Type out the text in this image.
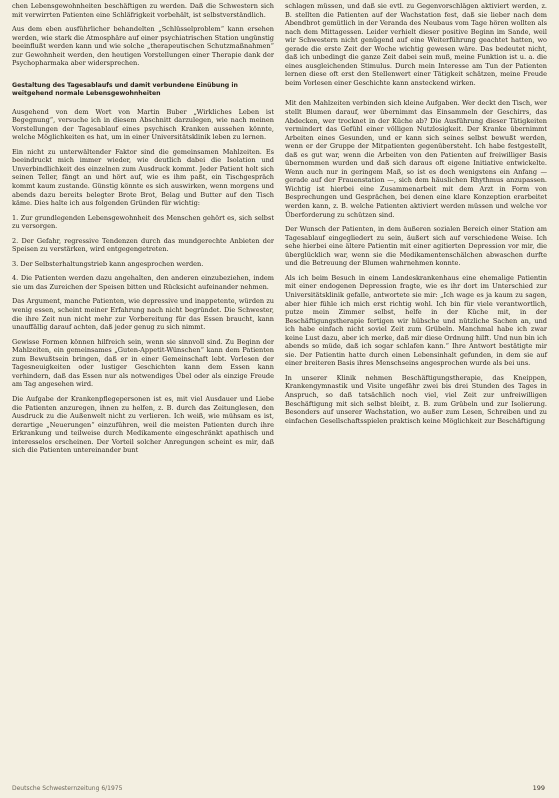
chen Lebensgewohnheiten beschäftigen zu werden. Daß die Schwestern sich mit verwirrten Patienten eine Schläfrigkeit vorbehält, ist selbstverständlich.

Aus dem eben ausführlicher behandelten „Schlüsselproblem“ kann ersehen werden, wie stark die Atmosphäre auf einer psychiatrischen Station ungünstig beeinflußt werden kann und wie solche „therapeutischen Schutzmaßnahmen“ zur Gewohnheit werden, den heutigen Vorstellungen einer Therapie dank der Psychopharmaka aber widersprechen.

Gestaltung des Tagesablaufs und damit verbundene Einübung in weitgehend normale Lebensgewohnheiten

Ausgehend von dem Wort von Martin Buber „Wirkliches Leben ist Begegnung“, versuche ich in diesem Abschnitt darzulegen, wie nach meinen Vorstellungen der Tagesablauf eines psychisch Kranken aussehen könnte, welche Möglichkeiten es hat, um in einer Universitätsklinik leben zu lernen.

Ein nicht zu unterwältender Faktor sind die gemeinsamen Mahlzeiten. Es beeindruckt mich immer wieder, wie deutlich dabei die Isolation und Unverbindlichkeit des einzelnen zum Ausdruck kommt. Jeder Patient holt sich seinen Teller, fängt an und hört auf, wie es ihm paßt, ein Tischgespräch kommt kaum zustande. Günstig könnte es sich auswirken, wenn morgens und abends dazu bereits belegter Brote Brot, Belag und Butter auf den Tisch käme. Dies halte ich aus folgenden Gründen für wichtig:

1. Zur grundlegenden Lebensgewohnheit des Menschen gehört es, sich selbst zu versorgen.

2. Der Gefahr, regressive Tendenzen durch das mundgerechte Anbieten der Speisen zu verstärken, wird entgegengetreten.

3. Der Selbsterhaltungstrieb kann angesprochen werden.

4. Die Patienten werden dazu angehalten, den anderen einzubeziehen, indem sie um das Zureichen der Speisen bitten und Rücksicht aufeinander nehmen.

Das Argument, manche Patienten, wie depressive und inappetente, würden zu wenig essen, scheint meiner Erfahrung nach nicht begründet. Die Schwester, die ihre Zeit nun nicht mehr zur Vorbereitung für das Essen braucht, kann unauffällig darauf achten, daß jeder genug zu sich nimmt.

Gewisse Formen können hilfreich sein, wenn sie sinnvoll sind. Zu Beginn der Mahlzeiten, ein gemeinsames „Guten-Appetit-Wünschen“ kann dem Patienten zum Bewußtsein bringen, daß er in einer Gemeinschaft lebt. Vorlesen der Tagesneuigkeiten oder lustiger Geschichten kann dem Essen kann verhindern, daß das Essen nur als notwendiges Übel oder als einzige Freude am Tag angesehen wird.

Die Aufgabe der Krankenpflegepersonen ist es, mit viel Ausdauer und Liebe die Patienten anzuregen, ihnen zu helfen, z. B. durch das Zeitunglesen, den Ausdruck zu die Außenwelt nicht zu verlieren. Ich weiß, wie mühsam es ist, derartige „Neuerungen“ einzuführen, weil die meisten Patienten durch ihre Erkrankung und teilweise durch Medikamente eingeschränkt apathisch und interesselos erscheinen. Der Vorteil solcher Anregungen scheint es mir, daß sich die Patienten untereinander bunt

schlagen müssen, und daß sie evtl. zu Gegenvorschlägen aktiviert werden, z. B. stellten die Patienten auf der Wachstation fest, daß sie lieber nach dem Abendbrot gemütlich in der Veranda des Neubaus vom Tage hören wollten als nach dem Mittagessen. Leider verhielt dieser positive Beginn im Sande, weil wir Schwestern nicht genügend auf eine Weiterführung geachtet hatten, wo gerade die erste Zeit der Woche wichtig gewesen wäre. Das bedeutet nicht, daß ich unbedingt die ganze Zeit dabei sein muß, meine Funktion ist u. a. die eines ausgleichenden Stimulus. Durch mein Interesse am Tun der Patienten lernen diese oft erst den Stellenwert einer Tätigkeit schätzen, meine Freude beim Vorlesen einer Geschichte kann ansteckend wirken.

Mit den Mahlzeiten verbinden sich kleine Aufgaben. Wer deckt den Tisch, wer stellt Blumen darauf, wer übernimmt das Einsammeln der Geschirrs, das Abdecken, wer trocknet in der Küche ab? Die Ausführung dieser Tätigkeiten vermindert das Gefühl einer völligen Nutzlosigkeit. Der Kranke übernimmt Arbeiten eines Gesunden, und er kann sich seines selbst bewußt werden, wenn er der Gruppe der Mitpatienten gegenübersteht. Ich habe festgestellt, daß es gut war, wenn die Arbeiten von den Patienten auf freiwilliger Basis übernommen wurden und daß sich daraus oft eigene Initiative entwickelte. Wenn auch nur in geringem Maß, so ist es doch wenigstens ein Anfang — gerade auf der Frauenstation —, sich dem häuslichen Rhythmus anzupassen. Wichtig ist hierbei eine Zusammenarbeit mit dem Arzt in Form von Besprechungen und Gesprächen, bei denen eine klare Konzeption erarbeitet werden kann, z. B. welche Patienten aktiviert werden müssen und welche vor Überforderung zu schützen sind.

Der Wunsch der Patienten, in dem äußeren sozialen Bereich einer Station am Tagesablauf eingegliedert zu sein, äußert sich auf verschiedene Weise. Ich sehe hierbei eine ältere Patientin mit einer agitierten Depression vor mir, die überglücklich war, wenn sie die Medikamentenschälchen abwaschen durfte und die Betreuung der Blumen wahrnehmen konnte.

Als ich beim Besuch in einem Landeskrankenhaus eine ehemalige Patientin mit einer endogenen Depression fragte, wie es ihr dort im Unterschied zur Universitätsklinik gefalle, antwortete sie mir: „Ich wage es ja kaum zu sagen, aber hier fühle ich mich erst richtig wohl. Ich bin für viele verantwortlich, putze mein Zimmer selbst, helfe in der Küche mit, in der Beschäftigungstherapie fertigen wir hübsche und nützliche Sachen an, und ich habe einfach nicht soviel Zeit zum Grübeln. Manchmal habe ich zwar keine Lust dazu, aber ich merke, daß mir diese Ordnung hilft. Und nun bin ich abends so müde, daß ich sogar schlafen kann.“ Ihre Antwort bestätigte mir sie. Der Patientin hatte durch einen Lebensinhalt gefunden, in dem sie auf einer breiteren Basis ihres Menschseins angesprochen wurde als bei uns.

In unserer Klinik nehmen Beschäftigungstherapie, das Kneippen, Krankengymnastik und Visite ungefähr zwei bis drei Stunden des Tages in Anspruch, so daß tatsächlich noch viel, viel Zeit zur unfreiwilligen Beschäftigung mit sich selbst bleibt, z. B. zum Grübeln und zur Isolierung. Besonders auf unserer Wachstation, wo außer zum Lesen, Schreiben und zu einfachen Gesellschaftsspielen praktisch keine Möglichkeit zur Beschäftigung

Deutsche Schwesternzeitung 6/1975	199
